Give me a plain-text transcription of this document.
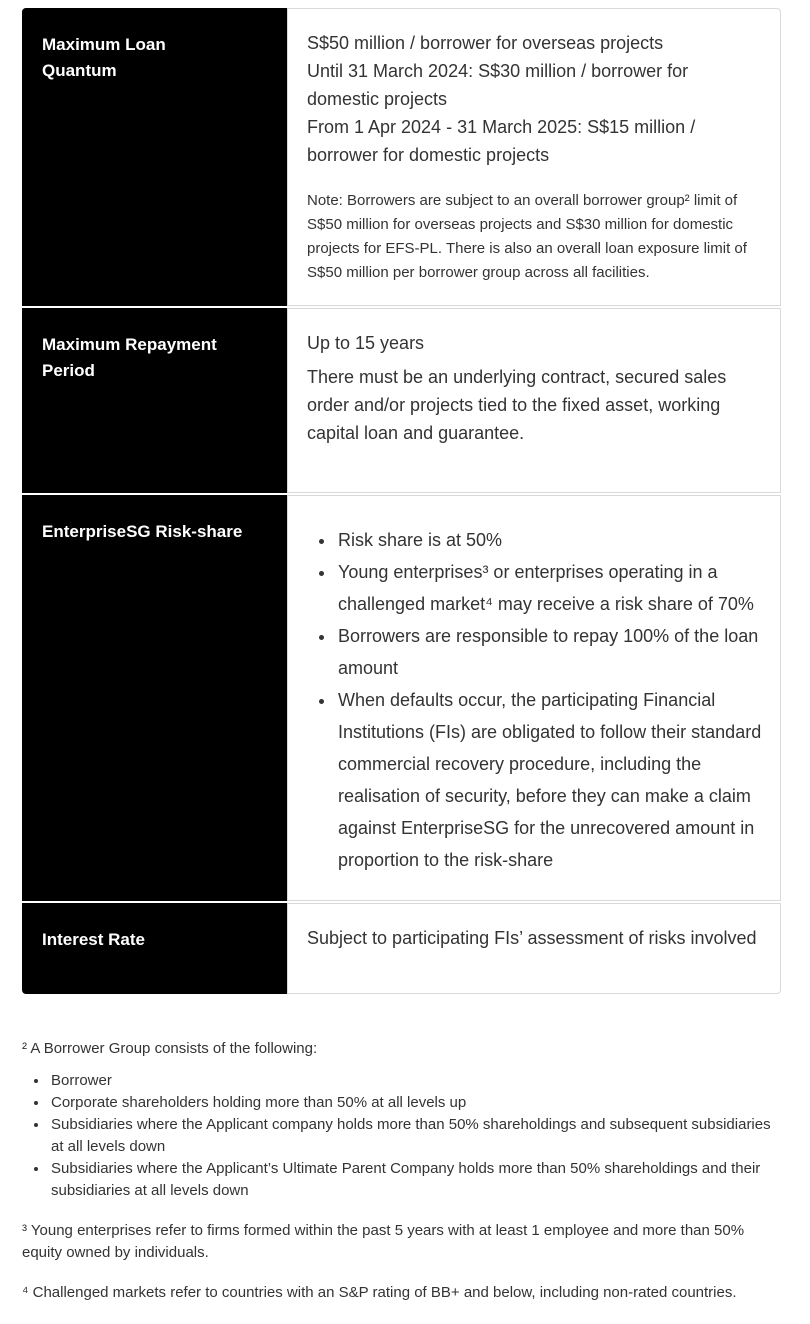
Maximum Loan Quantum
S$50 million / borrower for overseas projects
Until 31 March 2024: S$30 million / borrower for domestic projects
From 1 Apr 2024 - 31 March 2025: S$15 million / borrower for domestic projects
Note: Borrowers are subject to an overall borrower group² limit of S$50 million for overseas projects and S$30 million for domestic projects for EFS-PL. There is also an overall loan exposure limit of S$50 million per borrower group across all facilities.
Maximum Repayment Period

Up to 15 years

There must be an underlying contract, secured sales order and/or projects tied to the fixed asset, working capital loan and guarantee.

EnterpriseSG Risk-share	• Risk share is at 50%
• Young enterprises³ or enterprises operating in a challenged market⁴ may receive a risk share of 70%
• Borrowers are responsible to repay 100% of the loan amount
• When defaults occur, the participating Financial Institutions (FIs) are obligated to follow their standard commercial recovery procedure, including the realisation of security, before they can make a claim against EnterpriseSG for the unrecovered amount in proportion to the risk-share
Interest Rate	Subject to participating FIs’ assessment of risks involved

² A Borrower Group consists of the following:

• Borrower
• Corporate shareholders holding more than 50% at all levels up
• Subsidiaries where the Applicant company holds more than 50% shareholdings and subsequent subsidiaries at all levels down
• Subsidiaries where the Applicant’s Ultimate Parent Company holds more than 50% shareholdings and their subsidiaries at all levels down

³ Young enterprises refer to firms formed within the past 5 years with at least 1 employee and more than 50% equity owned by individuals.

⁴ Challenged markets refer to countries with an S&P rating of BB+ and below, including non-rated countries.
